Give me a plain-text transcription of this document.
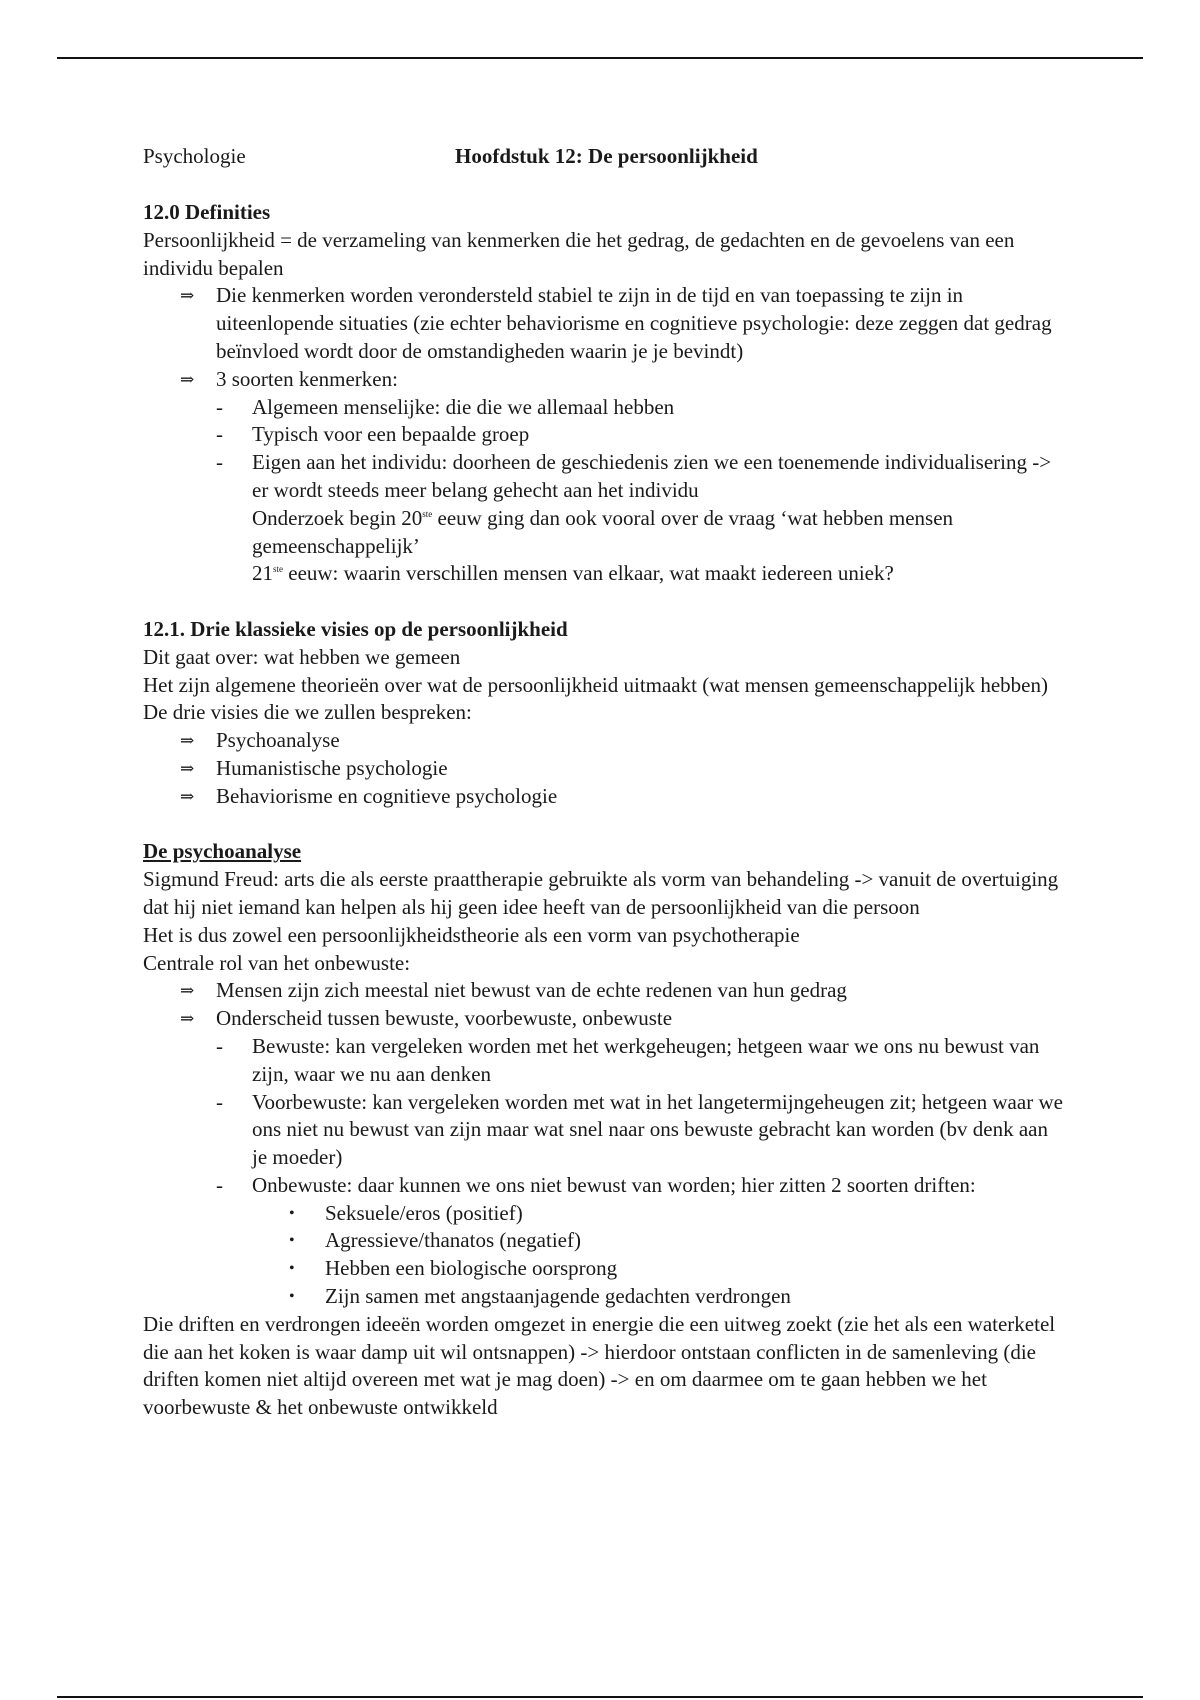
Psychologie	Hoofdstuk 12: De persoonlijkheid

12.0 Definities

Persoonlijkheid = de verzameling van kenmerken die het gedrag, de gedachten en de gevoelens van een individu bepalen

⇒ Die kenmerken worden verondersteld stabiel te zijn in de tijd en van toepassing te zijn in uiteenlopende situaties (zie echter behaviorisme en cognitieve psychologie: deze zeggen dat gedrag beïnvloed wordt door de omstandigheden waarin je je bevindt)
⇒ 3 soorten kenmerken:
- Algemeen menselijke: die die we allemaal hebben
- Typisch voor een bepaalde groep
- Eigen aan het individu: doorheen de geschiedenis zien we een toenemende individualisering -> er wordt steeds meer belang gehecht aan het individu
Onderzoek begin 20ste eeuw ging dan ook vooral over de vraag ‘wat hebben mensen gemeenschappelijk’
21ste eeuw: waarin verschillen mensen van elkaar, wat maakt iedereen uniek?

12.1. Drie klassieke visies op de persoonlijkheid

Dit gaat over: wat hebben we gemeen

Het zijn algemene theorieën over wat de persoonlijkheid uitmaakt (wat mensen gemeenschappelijk hebben)

De drie visies die we zullen bespreken:

⇒ Psychoanalyse
⇒ Humanistische psychologie
⇒ Behaviorisme en cognitieve psychologie

De psychoanalyse

Sigmund Freud: arts die als eerste praattherapie gebruikte als vorm van behandeling -> vanuit de overtuiging dat hij niet iemand kan helpen als hij geen idee heeft van de persoonlijkheid van die persoon

Het is dus zowel een persoonlijkheidstheorie als een vorm van psychotherapie

Centrale rol van het onbewuste:

⇒ Mensen zijn zich meestal niet bewust van de echte redenen van hun gedrag
⇒ Onderscheid tussen bewuste, voorbewuste, onbewuste
- Bewuste: kan vergeleken worden met het werkgeheugen; hetgeen waar we ons nu bewust van zijn, waar we nu aan denken
- Voorbewuste: kan vergeleken worden met wat in het langetermijngeheugen zit; hetgeen waar we ons niet nu bewust van zijn maar wat snel naar ons bewuste gebracht kan worden (bv denk aan je moeder)
- Onbewuste: daar kunnen we ons niet bewust van worden; hier zitten 2 soorten driften:
• Seksuele/eros (positief)
• Agressieve/thanatos (negatief)
• Hebben een biologische oorsprong
• Zijn samen met angstaanjagende gedachten verdrongen

Die driften en verdrongen ideeën worden omgezet in energie die een uitweg zoekt (zie het als een waterketel die aan het koken is waar damp uit wil ontsnappen) -> hierdoor ontstaan conflicten in de samenleving (die driften komen niet altijd overeen met wat je mag doen) -> en om daarmee om te gaan hebben we het voorbewuste & het onbewuste ontwikkeld
